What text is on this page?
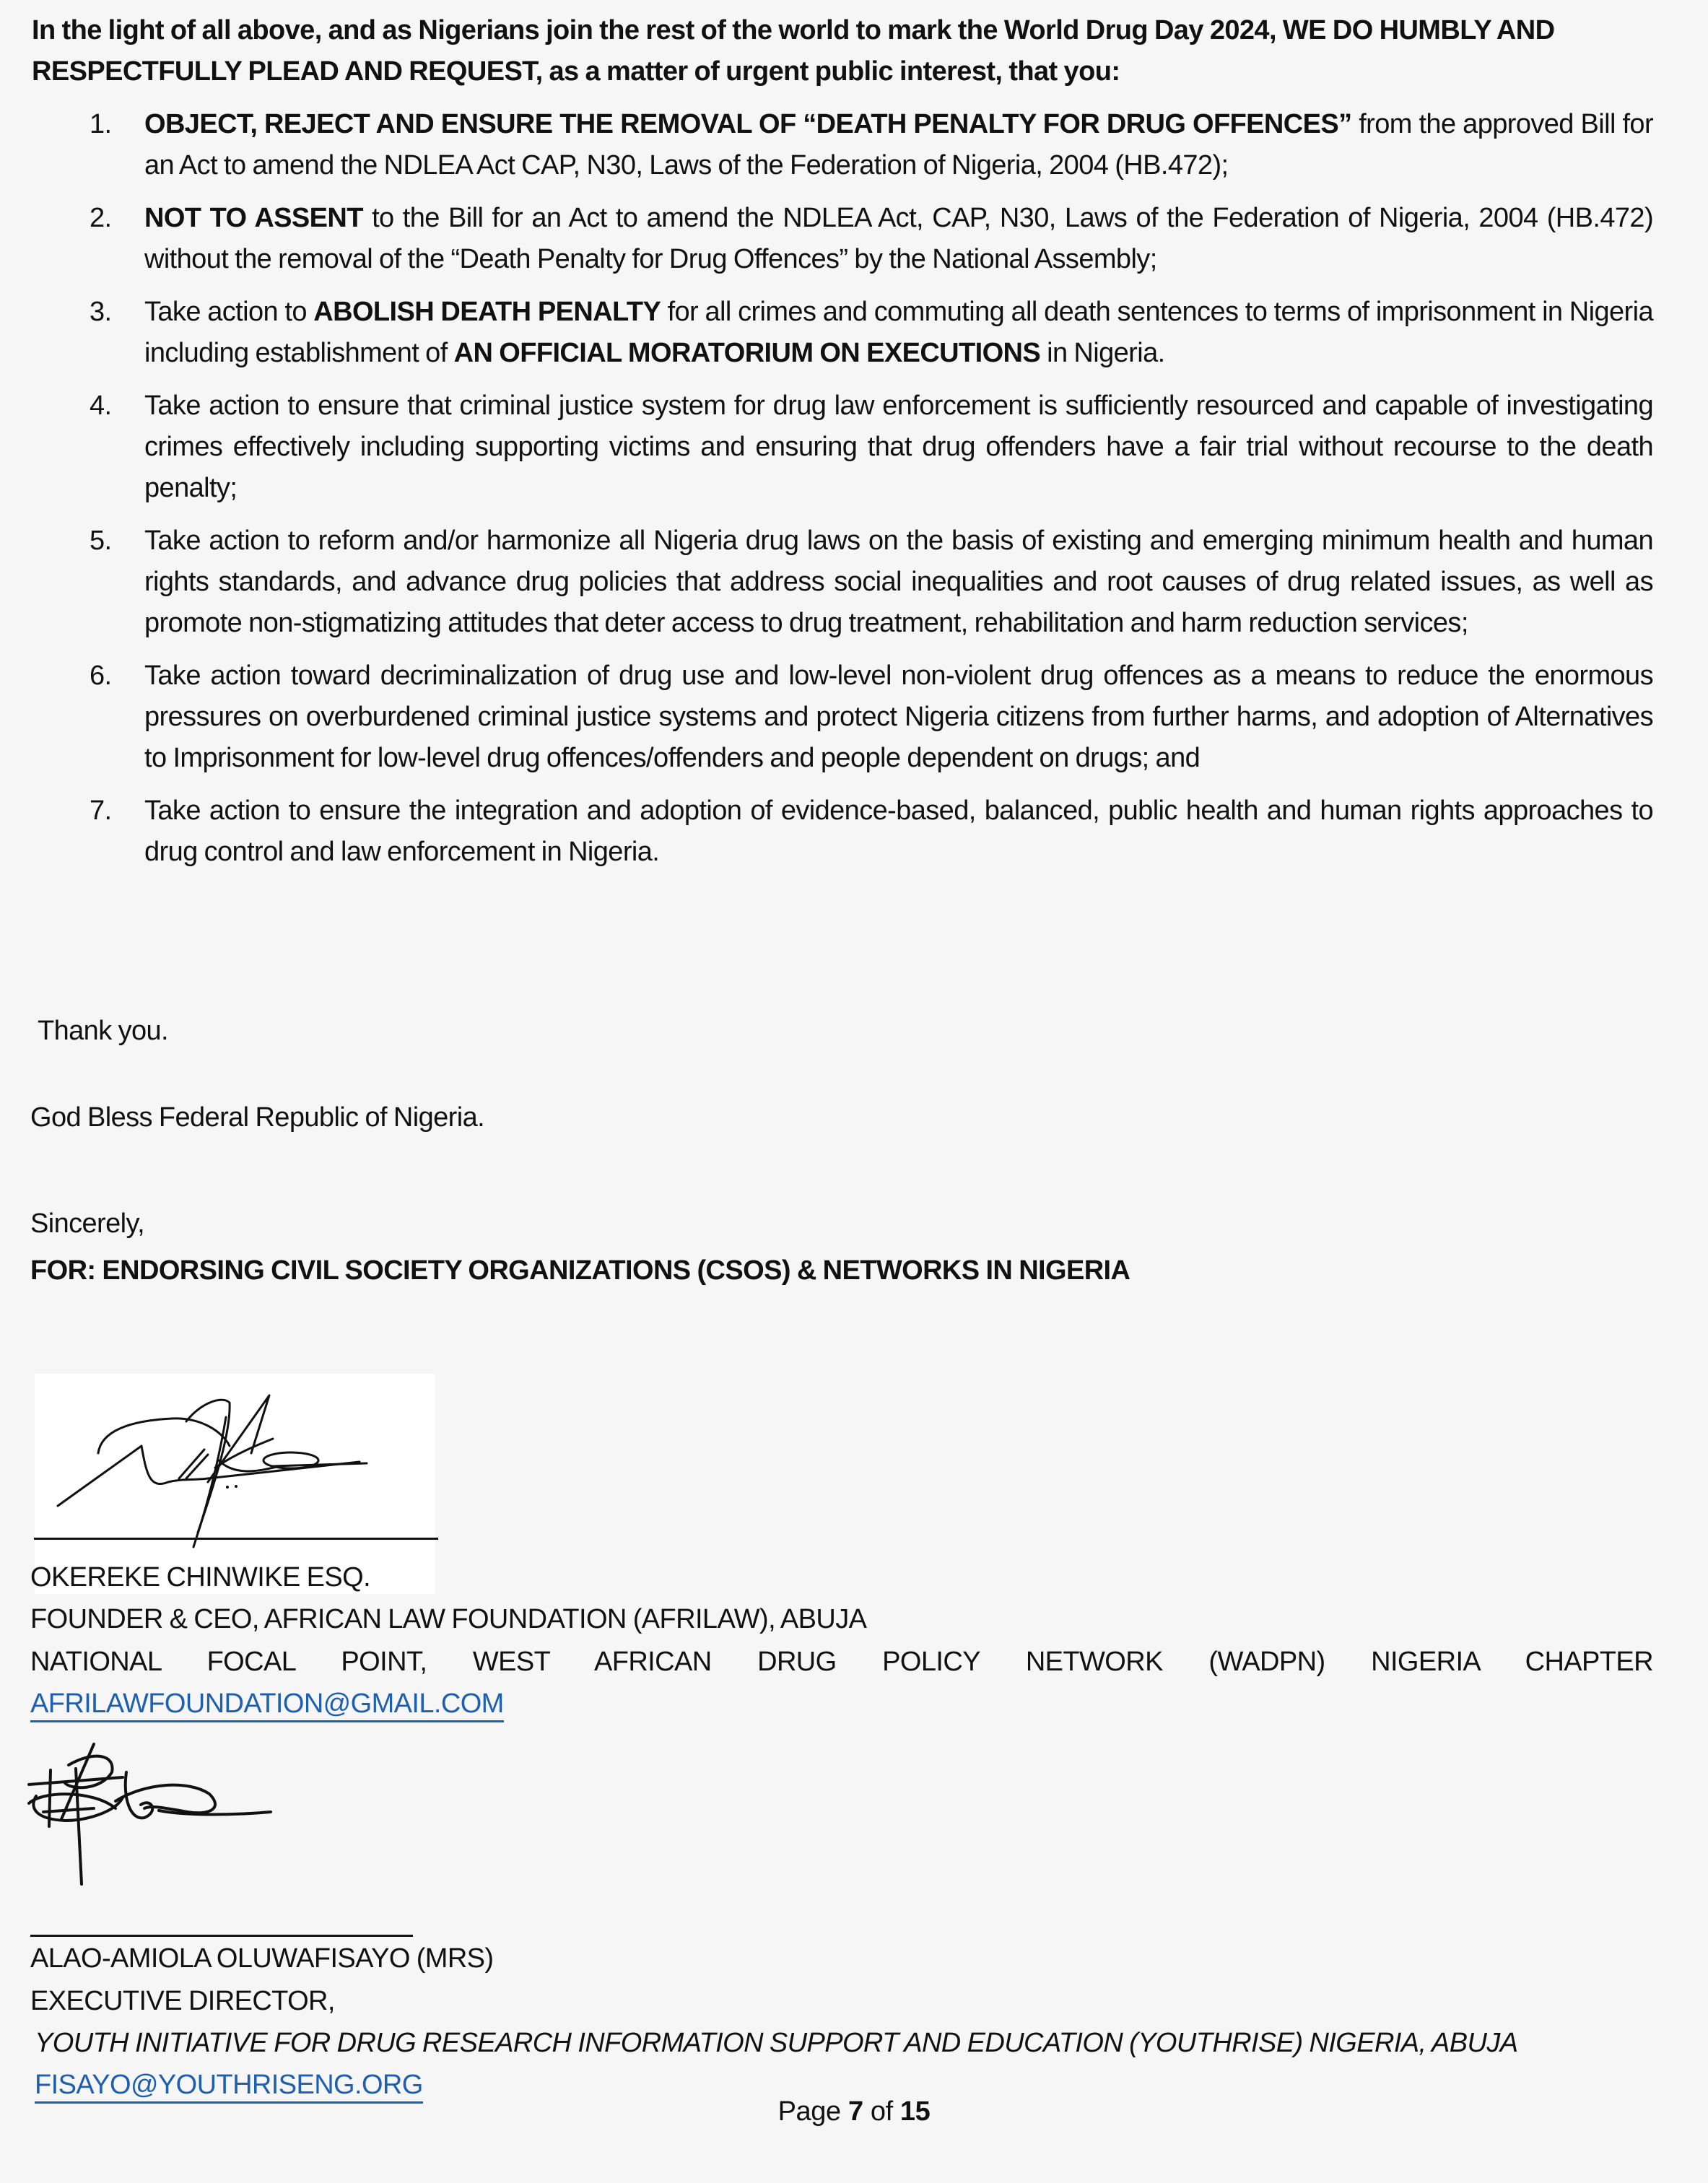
In the light of all above, and as Nigerians join the rest of the world to mark the World Drug Day 2024, WE DO HUMBLY AND RESPECTFULLY PLEAD AND REQUEST, as a matter of urgent public interest, that you:
1. OBJECT, REJECT AND ENSURE THE REMOVAL OF “DEATH PENALTY FOR DRUG OFFENCES” from the approved Bill for an Act to amend the NDLEA Act CAP, N30, Laws of the Federation of Nigeria, 2004 (HB.472);
2. NOT TO ASSENT to the Bill for an Act to amend the NDLEA Act, CAP, N30, Laws of the Federation of Nigeria, 2004 (HB.472) without the removal of the “Death Penalty for Drug Offences” by the National Assembly;
3. Take action to ABOLISH DEATH PENALTY for all crimes and commuting all death sentences to terms of imprisonment in Nigeria including establishment of AN OFFICIAL MORATORIUM ON EXECUTIONS in Nigeria.
4. Take action to ensure that criminal justice system for drug law enforcement is sufficiently resourced and capable of investigating crimes effectively including supporting victims and ensuring that drug offenders have a fair trial without recourse to the death penalty;
5. Take action to reform and/or harmonize all Nigeria drug laws on the basis of existing and emerging minimum health and human rights standards, and advance drug policies that address social inequalities and root causes of drug related issues, as well as promote non-stigmatizing attitudes that deter access to drug treatment, rehabilitation and harm reduction services;
6. Take action toward decriminalization of drug use and low-level non-violent drug offences as a means to reduce the enormous pressures on overburdened criminal justice systems and protect Nigeria citizens from further harms, and adoption of Alternatives to Imprisonment for low-level drug offences/offenders and people dependent on drugs; and
7. Take action to ensure the integration and adoption of evidence-based, balanced, public health and human rights approaches to drug control and law enforcement in Nigeria.
Thank you.
God Bless Federal Republic of Nigeria.
Sincerely,
FOR: ENDORSING CIVIL SOCIETY ORGANIZATIONS (CSOS) & NETWORKS IN NIGERIA
OKEREKE CHINWIKE ESQ.
FOUNDER & CEO, AFRICAN LAW FOUNDATION (AFRILAW), ABUJA
NATIONAL FOCAL POINT, WEST AFRICAN DRUG POLICY NETWORK (WADPN) NIGERIA CHAPTER
AFRILAWFOUNDATION@GMAIL.COM
ALAO-AMIOLA OLUWAFISAYO (MRS)
EXECUTIVE DIRECTOR,
YOUTH INITIATIVE FOR DRUG RESEARCH INFORMATION SUPPORT AND EDUCATION (YOUTHRISE) NIGERIA, ABUJA
FISAYO@YOUTHRISENG.ORG
Page 7 of 15
